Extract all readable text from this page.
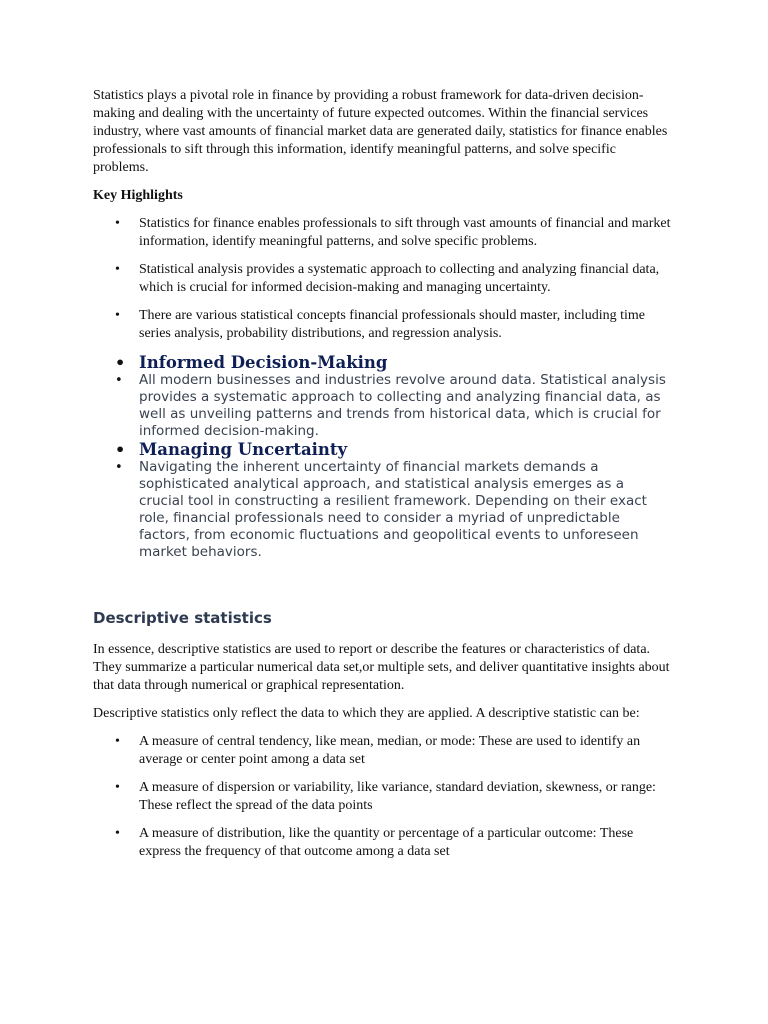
Statistics plays a pivotal role in finance by providing a robust framework for data-driven decision-making and dealing with the uncertainty of future expected outcomes. Within the financial services industry, where vast amounts of financial market data are generated daily, statistics for finance enables professionals to sift through this information, identify meaningful patterns, and solve specific problems.

Key Highlights

• Statistics for finance enables professionals to sift through vast amounts of financial and market information, identify meaningful patterns, and solve specific problems.
• Statistical analysis provides a systematic approach to collecting and analyzing financial data, which is crucial for informed decision-making and managing uncertainty.
• There are various statistical concepts financial professionals should master, including time series analysis, probability distributions, and regression analysis.
• Informed Decision-Making
• All modern businesses and industries revolve around data. Statistical analysis provides a systematic approach to collecting and analyzing financial data, as well as unveiling patterns and trends from historical data, which is crucial for informed decision-making.
• Managing Uncertainty
• Navigating the inherent uncertainty of financial markets demands a sophisticated analytical approach, and statistical analysis emerges as a crucial tool in constructing a resilient framework. Depending on their exact role, financial professionals need to consider a myriad of unpredictable factors, from economic fluctuations and geopolitical events to unforeseen market behaviors.

Descriptive statistics

In essence, descriptive statistics are used to report or describe the features or characteristics of data. They summarize a particular numerical data set,or multiple sets, and deliver quantitative insights about that data through numerical or graphical representation.

Descriptive statistics only reflect the data to which they are applied. A descriptive statistic can be:

• A measure of central tendency, like mean, median, or mode: These are used to identify an average or center point among a data set
• A measure of dispersion or variability, like variance, standard deviation, skewness, or range: These reflect the spread of the data points
• A measure of distribution, like the quantity or percentage of a particular outcome: These express the frequency of that outcome among a data set
